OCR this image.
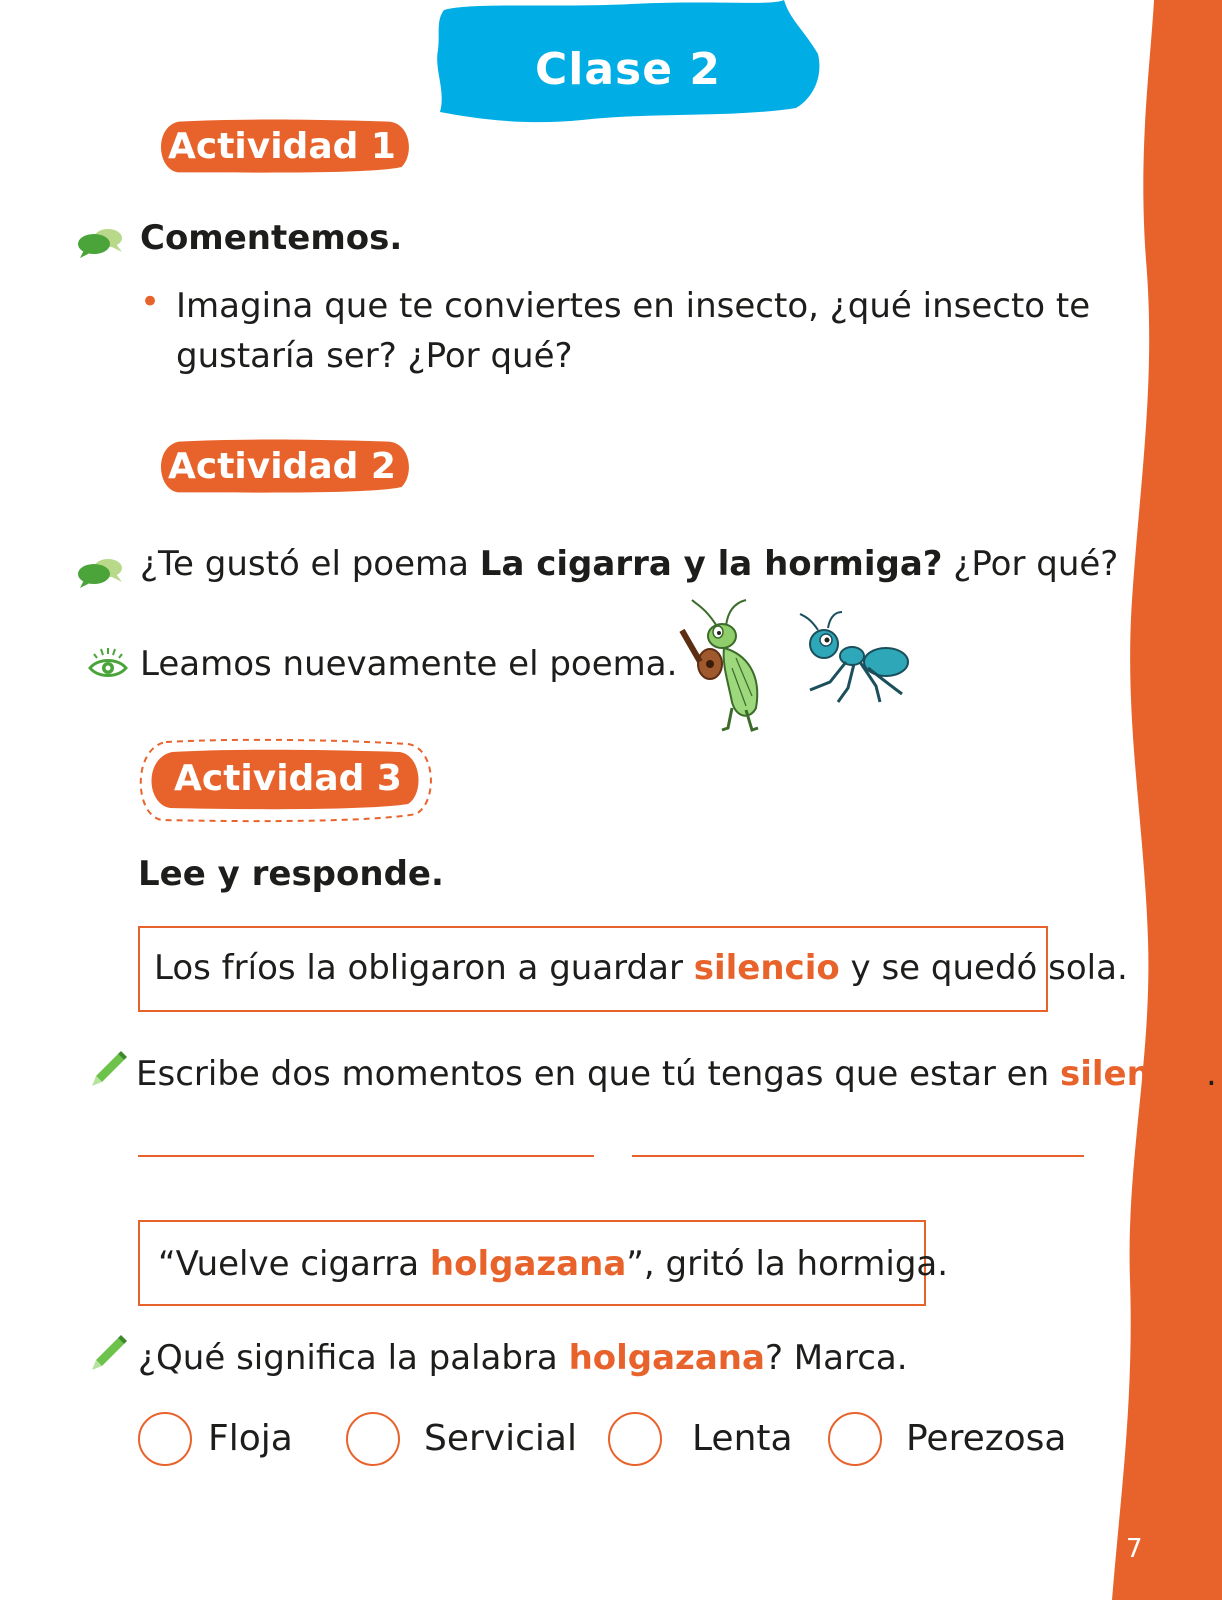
Clase 2
Actividad 1
Comentemos.
• Imagina que te conviertes en insecto, ¿qué insecto te
gustaría ser? ¿Por qué?
Actividad 2
¿Te gustó el poema La cigarra y la hormiga? ¿Por qué?
Leamos nuevamente el poema.
Actividad 3
Lee y responde.
Los fríos la obligaron a guardar silencio y se quedó sola.
Escribe dos momentos en que tú tengas que estar en silencio.
“Vuelve cigarra holgazana”, gritó la hormiga.
¿Qué significa la palabra holgazana? Marca.
Floja	Servicial	Lenta	Perezosa
7
